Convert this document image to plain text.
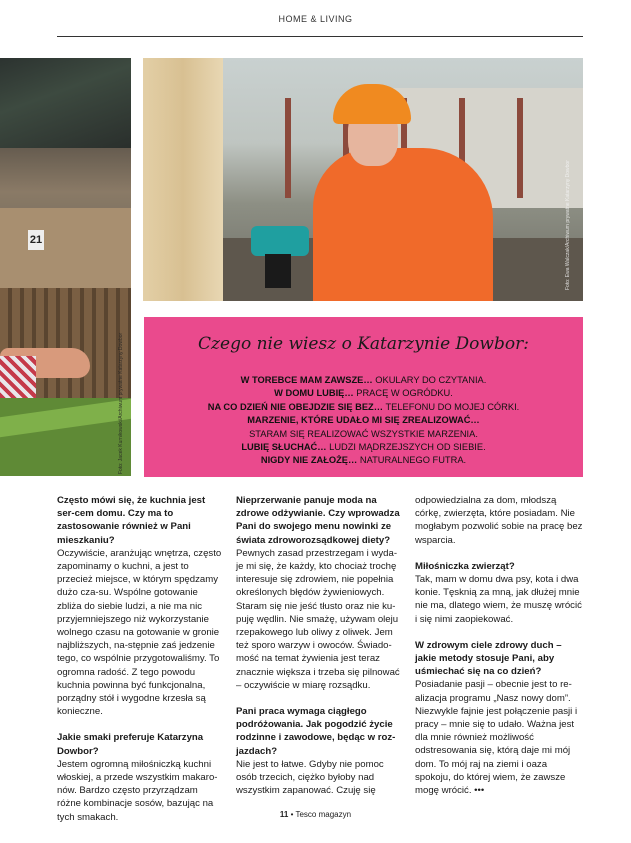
HOME & LIVING
21
Foto: Jacek Kurnikowski/Archiwum prywatne Katarzyny Dowbor
Foto: Ewa Walczak/Archiwum prywatne Katarzyny Dowbor
Czego nie wiesz o Katarzynie Dowbor:
W TOREBCE MAM ZAWSZE… OKULARY DO CZYTANIA.
W DOMU LUBIĘ… PRACĘ W OGRÓDKU.
NA CO DZIEŃ NIE OBEJDZIE SIĘ BEZ… TELEFONU DO MOJEJ CÓRKI.
MARZENIE, KTÓRE UDAŁO MI SIĘ ZREALIZOWAĆ…
STARAM SIĘ REALIZOWAĆ WSZYSTKIE MARZENIA.
LUBIĘ SŁUCHAĆ… LUDZI MĄDRZEJSZYCH OD SIEBIE.
NIGDY NIE ZAŁOŻĘ… NATURALNEGO FUTRA.

Często mówi się, że kuchnia jest ser-cem domu. Czy ma to zastosowanie również w Pani mieszkaniu?

Oczywiście, aranżując wnętrza, często zapominamy o kuchni, a jest to przecież miejsce, w którym spędzamy dużo cza-su. Wspólne gotowanie zbliża do siebie ludzi, a nie ma nic przyjemniejszego niż wykorzystanie wolnego czasu na gotowanie w gronie najbliższych, na-stępnie zaś jedzenie tego, co wspólnie przygotowaliśmy. To ogromna radość. Z tego powodu kuchnia powinna być funkcjonalna, porządny stół i wygodne krzesła są konieczne.

Jakie smaki preferuje Katarzyna Dowbor?

Jestem ogromną miłośniczką kuchni włoskiej, a przede wszystkim makaro-nów. Bardzo często przyrządzam różne kombinacje sosów, bazując na tych smakach.

Nieprzerwanie panuje moda na zdrowe odżywianie. Czy wprowadza Pani do swojego menu nowinki ze świata zdroworozsądkowej diety?

Pewnych zasad przestrzegam i wyda-je mi się, że każdy, kto chociaż trochę interesuje się zdrowiem, nie popełnia określonych błędów żywieniowych. Staram się nie jeść tłusto oraz nie ku-puję wędlin. Nie smażę, używam oleju rzepakowego lub oliwy z oliwek. Jem też sporo warzyw i owoców. Świado-mość na temat żywienia jest teraz znacznie większa i trzeba się pilnować – oczywiście w miarę rozsądku.

Pani praca wymaga ciągłego podróżowania. Jak pogodzić życie rodzinne i zawodowe, będąc w roz-jazdach?

Nie jest to łatwe. Gdyby nie pomoc osób trzecich, ciężko byłoby nad wszystkim zapanować. Czuję się

odpowiedzialna za dom, młodszą córkę, zwierzęta, które posiadam. Nie mogłabym pozwolić sobie na pracę bez wsparcia.

Miłośniczka zwierząt?

Tak, mam w domu dwa psy, kota i dwa konie. Tęsknią za mną, jak dłużej mnie nie ma, dlatego wiem, że muszę wrócić i się nimi zaopiekować.

W zdrowym ciele zdrowy duch – jakie metody stosuje Pani, aby uśmiechać się na co dzień?

Posiadanie pasji – obecnie jest to re-alizacja programu „Nasz nowy dom”. Niezwykle fajnie jest połączenie pasji i pracy – mnie się to udało. Ważna jest dla mnie również możliwość odstresowania się, którą daje mi mój dom. To mój raj na ziemi i oaza spokoju, do której wiem, że zawsze mogę wrócić. •••

11 • Tesco magazyn
